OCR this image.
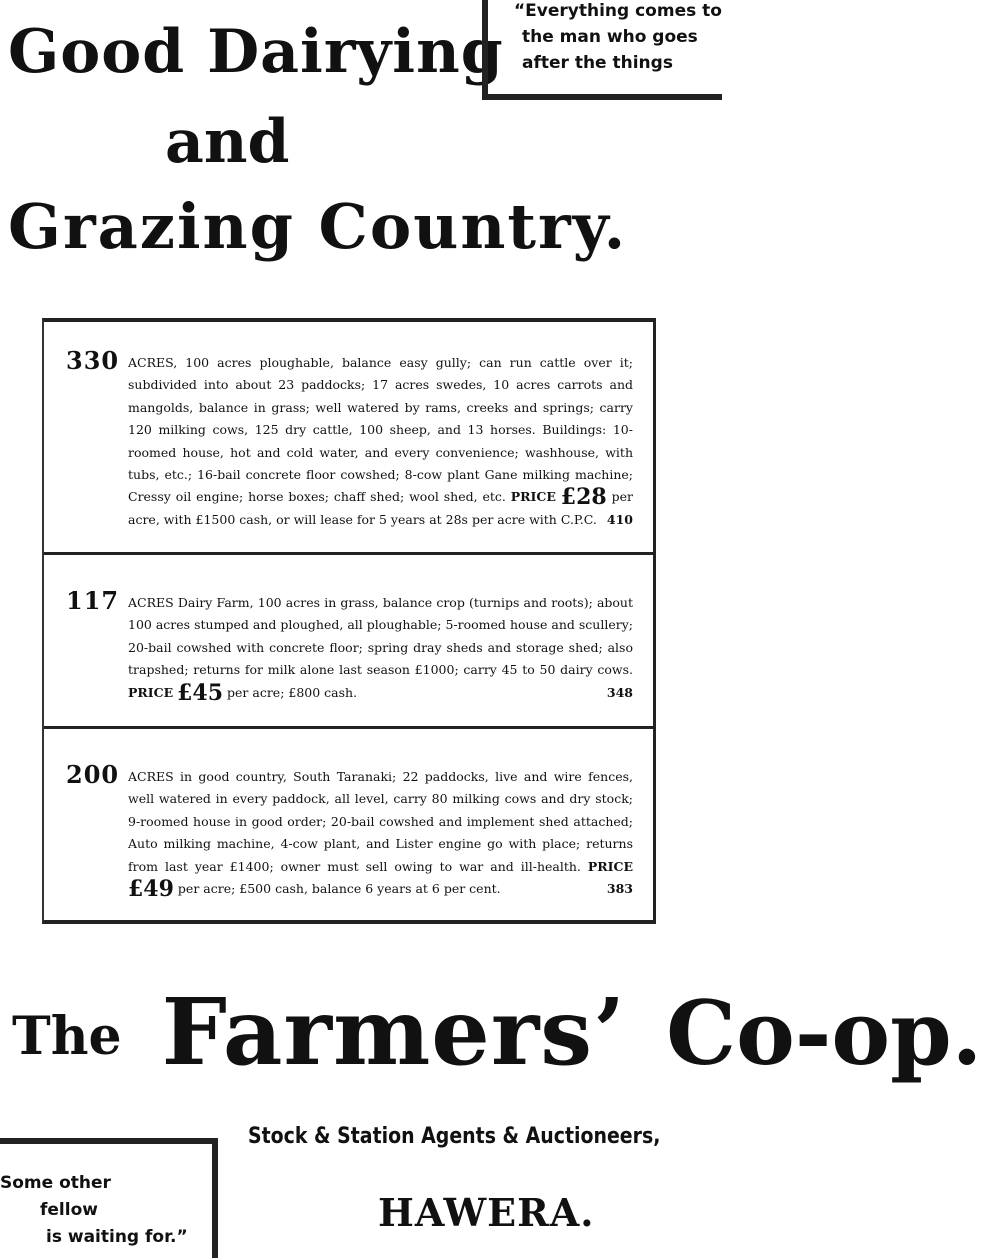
Good Dairying
and
Grazing Country.
“Everything comes to
the man who goes
after the things
330 ACRES, 100 acres ploughable, balance easy gully; can run cattle over it; subdivided into about 23 paddocks; 17 acres swedes, 10 acres carrots and mangolds, balance in grass; well watered by rams, creeks and springs; carry 120 milking cows, 125 dry cattle, 100 sheep, and 13 horses. Buildings: 10-roomed house, hot and cold water, and every convenience; washhouse, with tubs, etc.; 16-bail concrete floor cowshed; 8-cow plant Gane milking machine; Cressy oil engine; horse boxes; chaff shed; wool shed, etc. PRICE £28 per acre, with £1500 cash, or will lease for 5 years at 28s per acre with C.P.C. 410
117 ACRES Dairy Farm, 100 acres in grass, balance crop (turnips and roots); about 100 acres stumped and ploughed, all ploughable; 5-roomed house and scullery; 20-bail cowshed with concrete floor; spring dray sheds and storage shed; also trapshed; returns for milk alone last season £1000; carry 45 to 50 dairy cows. PRICE £45 per acre; £800 cash.	348
200 ACRES in good country, South Taranaki; 22 paddocks, live and wire fences, well watered in every paddock, all level, carry 80 milking cows and dry stock; 9-roomed house in good order; 20-bail cowshed and implement shed attached; Auto milking machine, 4-cow plant, and Lister engine go with place; returns from last year £1400; owner must sell owing to war and ill-health. PRICE £49 per acre; £500 cash, balance 6 years at 6 per cent.	383
The Farmers’ Co-op.
Stock & Station Agents & Auctioneers,
HAWERA.
Some other
fellow
is waiting for.”
